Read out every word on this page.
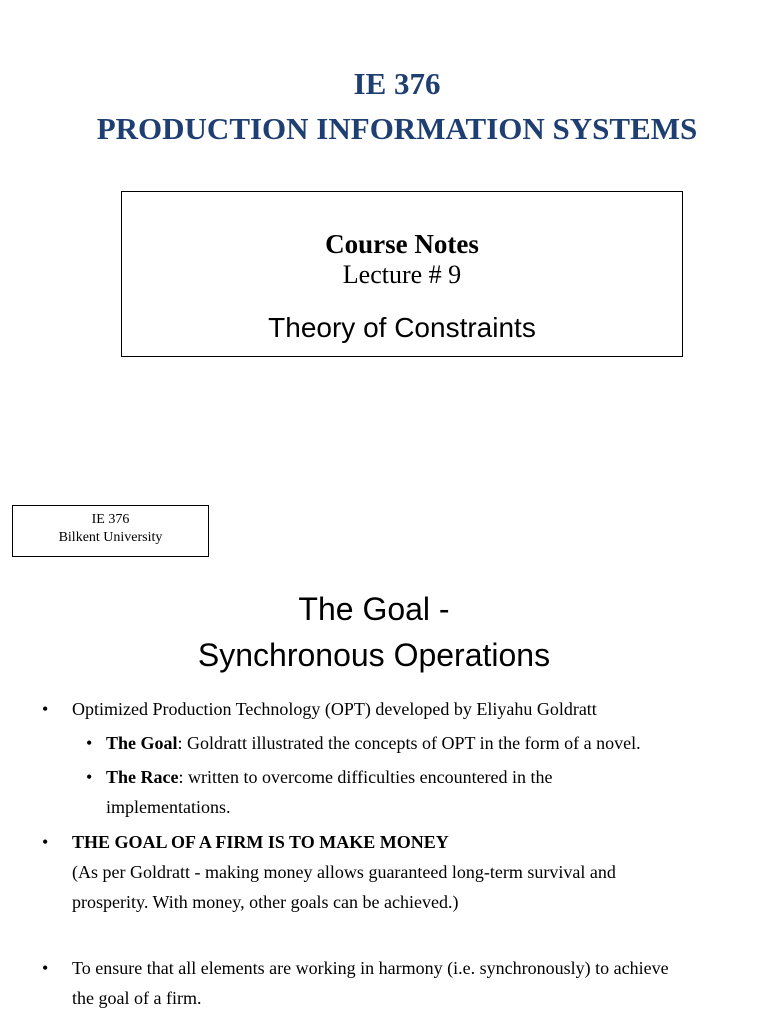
IE 376
PRODUCTION INFORMATION SYSTEMS
Course Notes
Lecture # 9
Theory of Constraints
IE 376
Bilkent University
The Goal -
Synchronous Operations
• Optimized Production Technology (OPT) developed by Eliyahu Goldratt
• The Goal: Goldratt illustrated the concepts of OPT in the form of a novel.
• The Race: written to overcome difficulties encountered in the
implementations.
• THE GOAL OF A FIRM IS TO MAKE MONEY
(As per Goldratt - making money allows guaranteed long-term survival and
prosperity. With money, other goals can be achieved.)
• To ensure that all elements are working in harmony (i.e. synchronously) to achieve
the goal of a firm.
